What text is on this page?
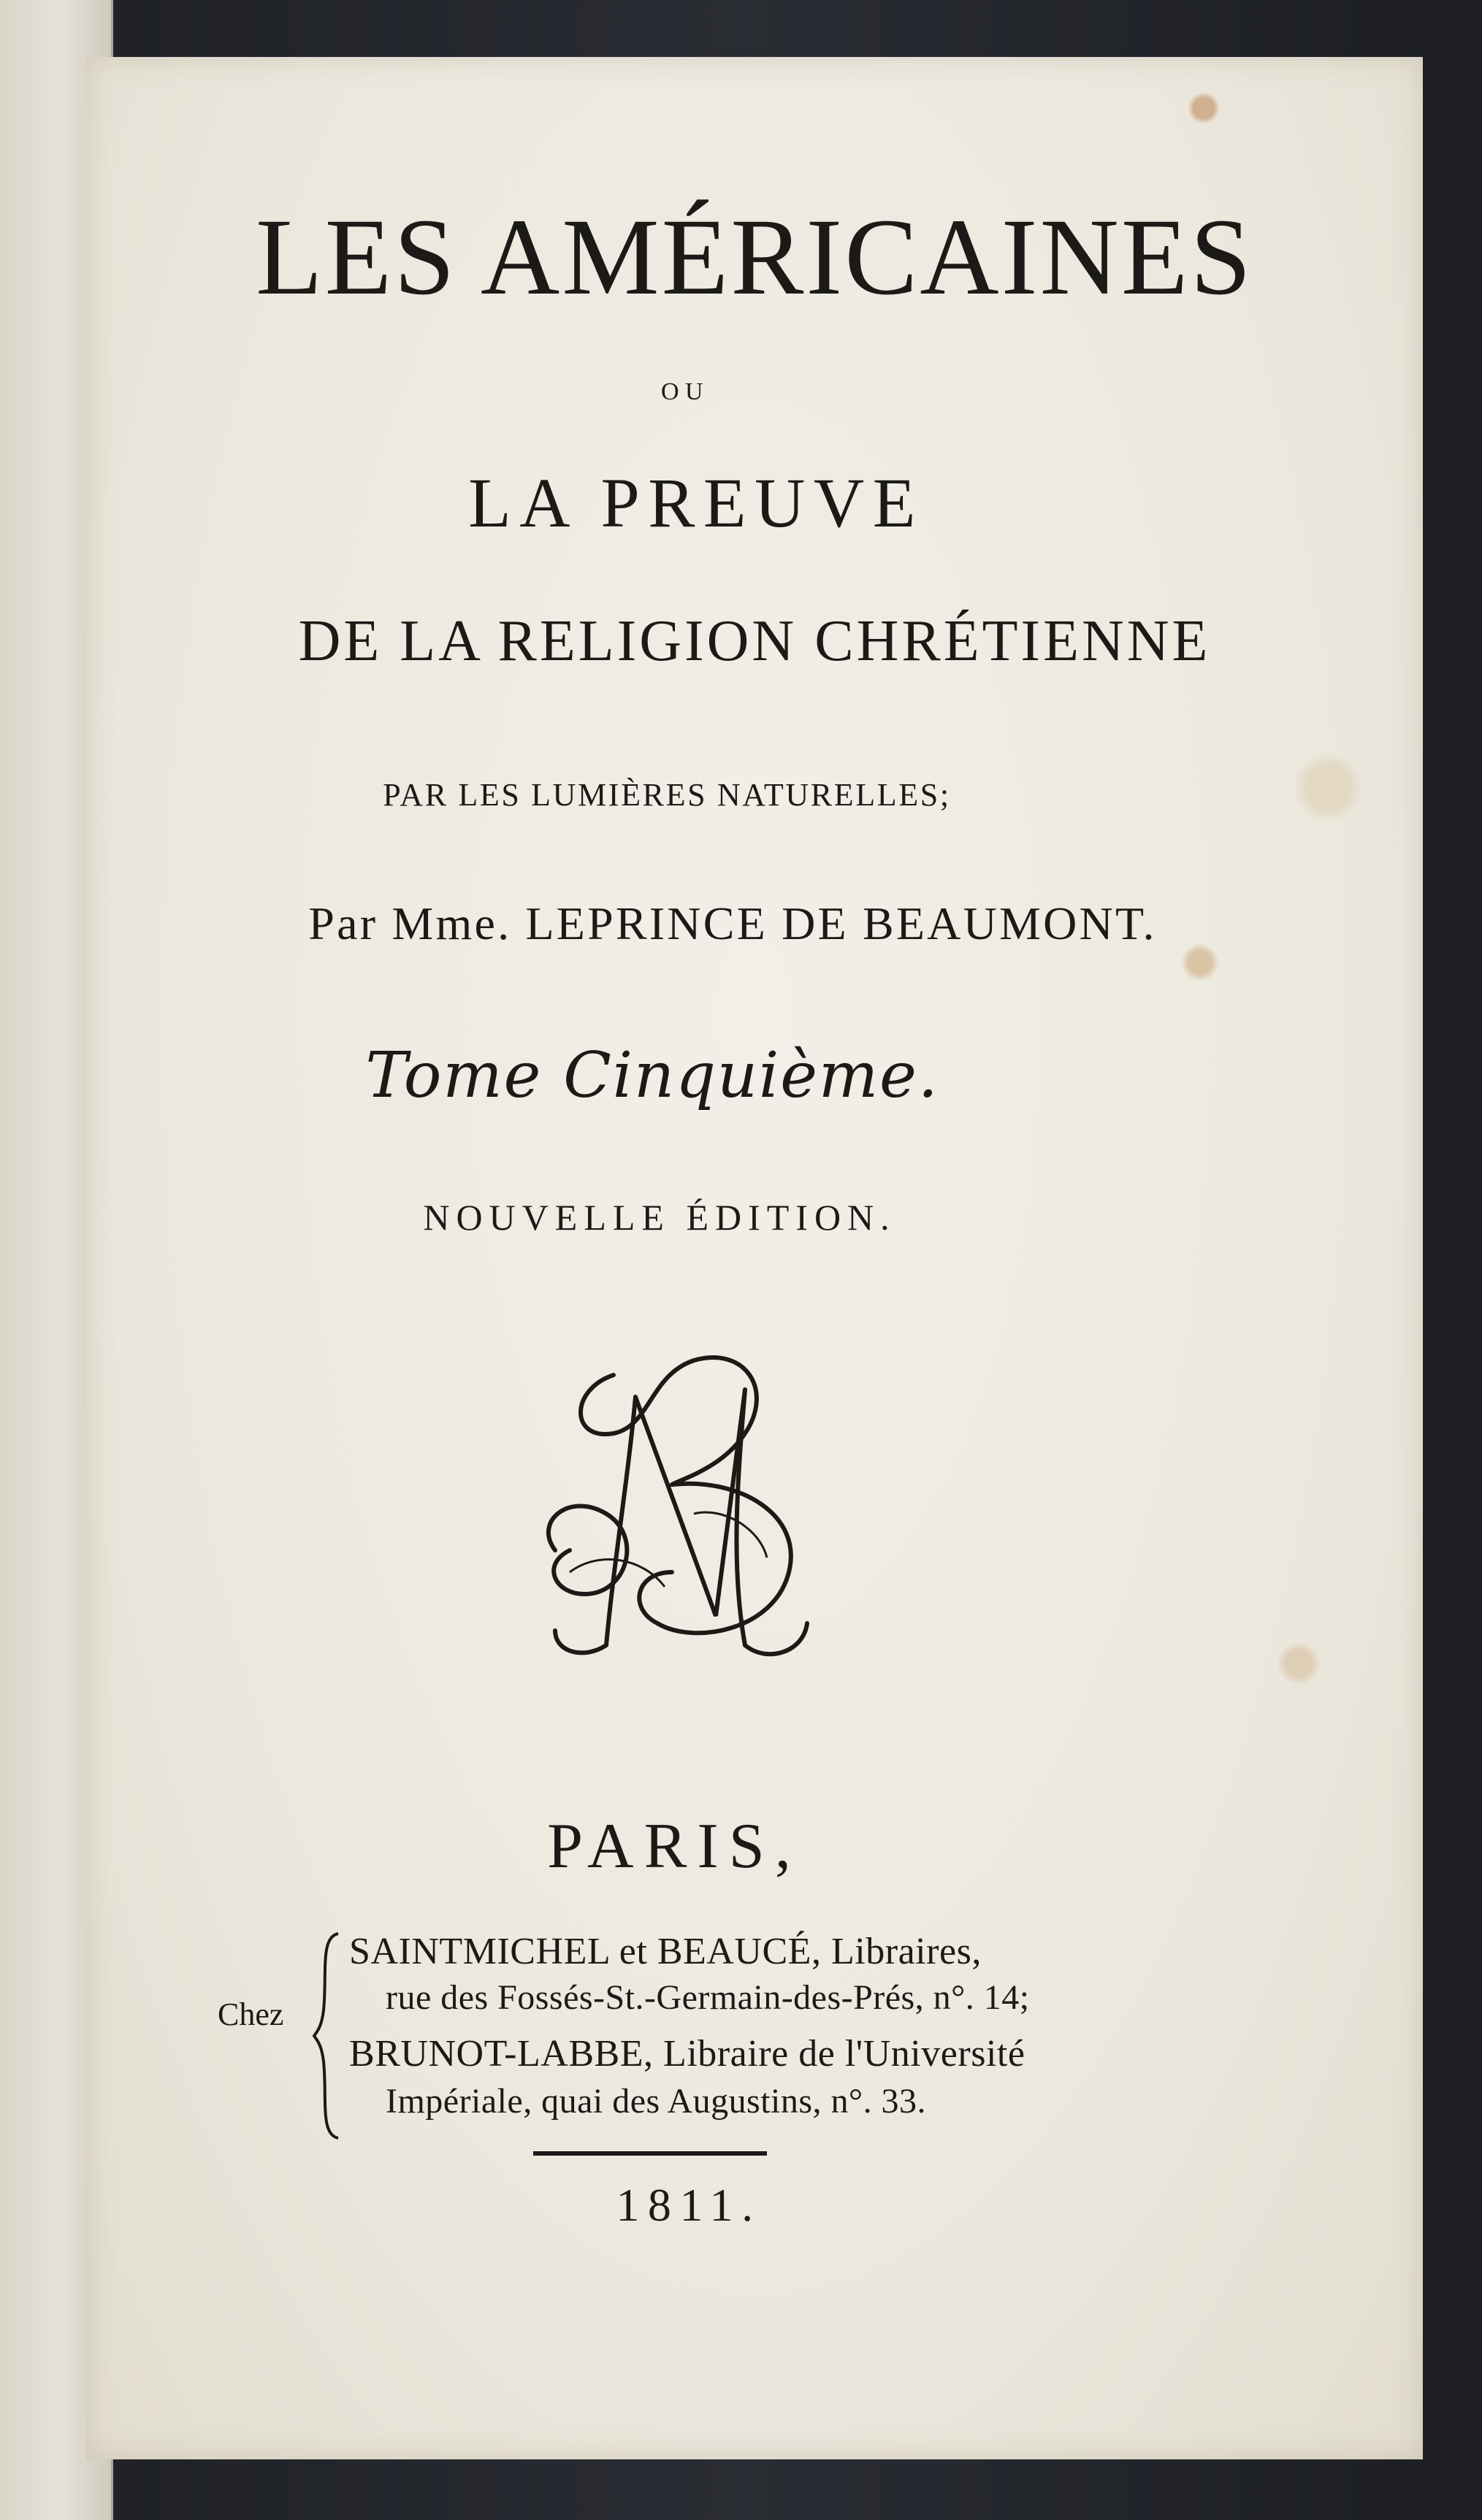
LES AMÉRICAINES
OU
LA PREUVE
DE LA RELIGION CHRÉTIENNE
PAR LES LUMIÈRES NATURELLES;
Par Mme. LEPRINCE DE BEAUMONT.
Tome Cinquième.
NOUVELLE ÉDITION.
PARIS,
Chez
SAINTMICHEL et BEAUCÉ, Libraires,
rue des Fossés-St.-Germain-des-Prés, n°. 14;
BRUNOT-LABBE, Libraire de l'Université
Impériale, quai des Augustins, n°. 33.
1811.
